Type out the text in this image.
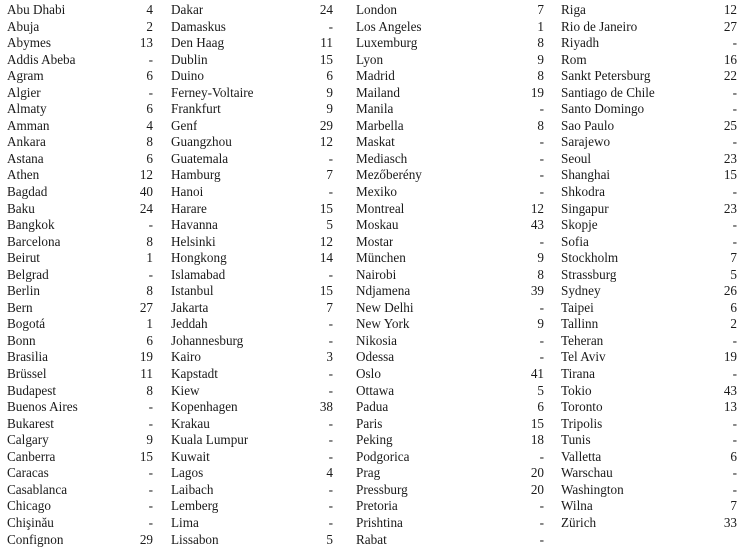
Abu Dhabi	4
Abuja	2
Abymes	13
Addis Abeba	-
Agram	6
Algier	-
Almaty	6
Amman	4
Ankara	8
Astana	6
Athen	12
Bagdad	40
Baku	24
Bangkok	-
Barcelona	8
Beirut	1
Belgrad	-
Berlin	8
Bern	27
Bogotá	1
Bonn	6
Brasilia	19
Brüssel	11
Budapest	8
Buenos Aires	-
Bukarest	-
Calgary	9
Canberra	15
Caracas	-
Casablanca	-
Chicago	-
Chişinău	-
Confignon	29
Dakar	24
Damaskus	-
Den Haag	11
Dublin	15
Duino	6
Ferney-Voltaire	9
Frankfurt	9
Genf	29
Guangzhou	12
Guatemala	-
Hamburg	7
Hanoi	-
Harare	15
Havanna	5
Helsinki	12
Hongkong	14
Islamabad	-
Istanbul	15
Jakarta	7
Jeddah	-
Johannesburg	-
Kairo	3
Kapstadt	-
Kiew	-
Kopenhagen	38
Krakau	-
Kuala Lumpur	-
Kuwait	-
Lagos	4
Laibach	-
Lemberg	-
Lima	-
Lissabon	5
London	7
Los Angeles	1
Luxemburg	8
Lyon	9
Madrid	8
Mailand	19
Manila	-
Marbella	8
Maskat	-
Mediasch	-
Mezőberény	-
Mexiko	-
Montreal	12
Moskau	43
Mostar	-
München	9
Nairobi	8
Ndjamena	39
New Delhi	-
New York	9
Nikosia	-
Odessa	-
Oslo	41
Ottawa	5
Padua	6
Paris	15
Peking	18
Podgorica	-
Prag	20
Pressburg	20
Pretoria	-
Prishtina	-
Rabat	-
Riga	12
Rio de Janeiro	27
Riyadh	-
Rom	16
Sankt Petersburg	22
Santiago de Chile	-
Santo Domingo	-
Sao Paulo	25
Sarajewo	-
Seoul	23
Shanghai	15
Shkodra	-
Singapur	23
Skopje	-
Sofia	-
Stockholm	7
Strassburg	5
Sydney	26
Taipei	6
Tallinn	2
Teheran	-
Tel Aviv	19
Tirana	-
Tokio	43
Toronto	13
Tripolis	-
Tunis	-
Valletta	6
Warschau	-
Washington	-
Wilna	7
Zürich	33
